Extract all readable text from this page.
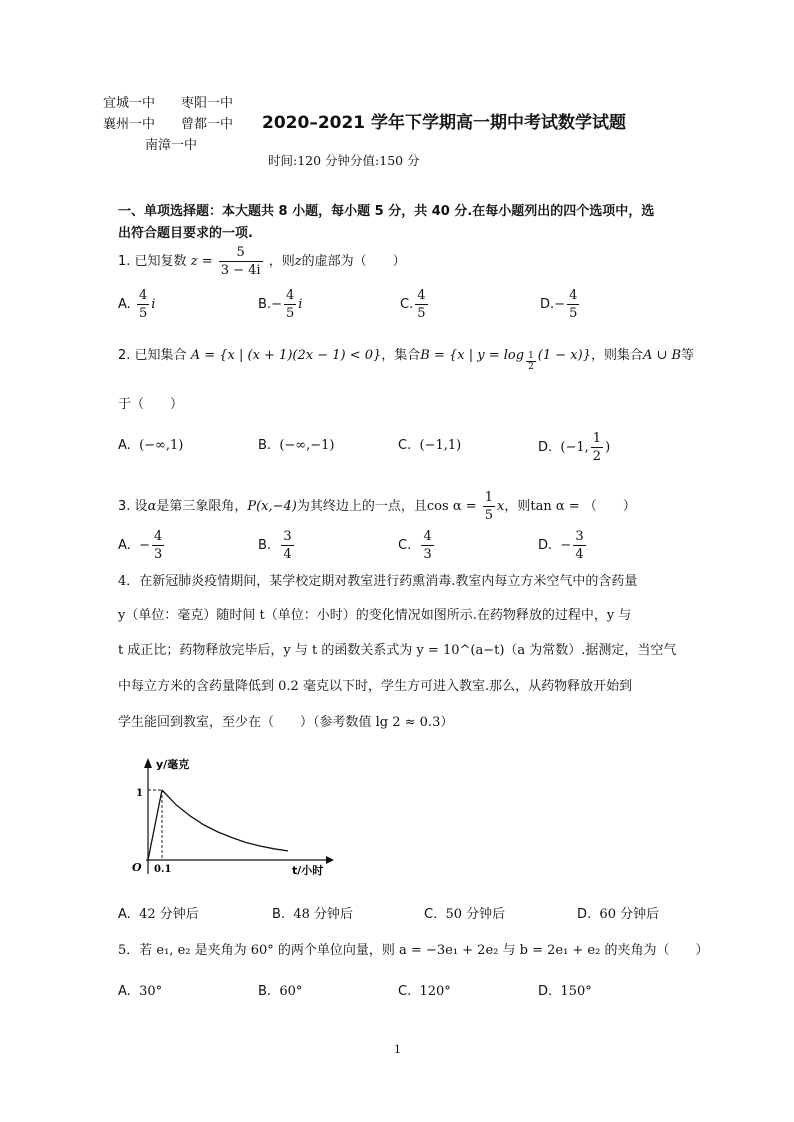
宜城一中 枣阳一中
襄州一中 曾都一中
南漳一中
2020–2021 学年下学期高一期中考试数学试题
时间:120 分钟分值:150 分
一、单项选择题：本大题共 8 小题，每小题 5 分，共 40 分.在每小题列出的四个选项中，选
出符合题目要求的一项.
1. 已知复数 $z = \frac{5}{3 - 4i}$ ，则z的虚部为（　　）
A. $\frac{4}{5}$ i	$B.- \frac{4}{5}$ i	C. $\frac{4}{5}$	$D.- \frac{4}{5}$
2. 已知集合 A = {x | (x + 1)(2x − 1) < 0}，集合B = {x | $y = \log \frac{1}{2} (1 - x)$}，则集合A ∪ B等
于（　　）
A. (−∞,1)	B. (−∞,−1)	C. (−1,1)	D. (−1, $\frac{1}{2}$ )
3. 设α是第三象限角，P(x,−4)为其终边上的一点，且$\cos \alpha = \frac{1}{5}$ x，则tan α = （　　）
A. − $\frac{4}{3}$	B. $\frac{3}{4}$	C. $\frac{4}{3}$	D. − $\frac{3}{4}$
4．在新冠肺炎疫情期间，某学校定期对教室进行药熏消毒.教室内每立方米空气中的含药量
y（单位：毫克）随时间 t（单位：小时）的变化情况如图所示.在药物释放的过程中，y 与
t 成正比；药物释放完毕后，y 与 t 的函数关系式为 y = 10^(a−t)（a 为常数）.据测定，当空气
中每立方米的含药量降低到 0.2 毫克以下时，学生方可进入教室.那么，从药物释放开始到
学生能回到教室，至少在（　　）（参考数值 lg 2 ≈ 0.3）
y/毫克
t/小时
O
1
0.1
A. 42 分钟后	B. 48 分钟后	C. 50 分钟后	D. 60 分钟后
5．若 e₁, e₂ 是夹角为 60° 的两个单位向量，则 a = −3e₁ + 2e₂ 与 b = 2e₁ + e₂ 的夹角为（　　）
A. 30°	B. 60°	C. 120°	D. 150°
1
